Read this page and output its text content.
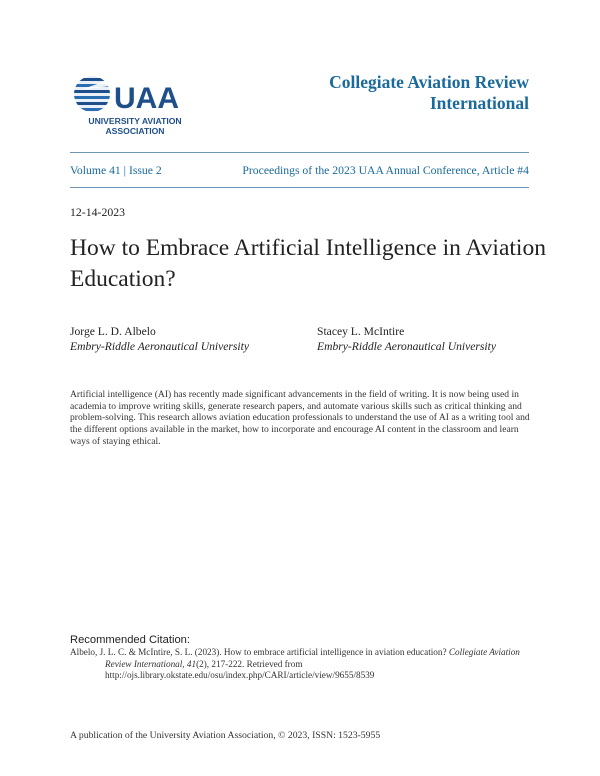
UAA
UNIVERSITY AVIATION
ASSOCIATION
Collegiate Aviation Review
International
Volume 41 | Issue 2	Proceedings of the 2023 UAA Annual Conference, Article #4
12-14-2023
How to Embrace Artificial Intelligence in Aviation Education?
Jorge L. D. Albelo
Embry-Riddle Aeronautical University
Stacey L. McIntire
Embry-Riddle Aeronautical University

Artificial intelligence (AI) has recently made significant advancements in the field of writing. It is now being used in academia to improve writing skills, generate research papers, and automate various skills such as critical thinking and problem-solving. This research allows aviation education professionals to understand the use of AI as a writing tool and the different options available in the market, how to incorporate and encourage AI content in the classroom and learn ways of staying ethical.

Recommended Citation:

Albelo, J. L. C. & McIntire, S. L. (2023). How to embrace artificial intelligence in aviation education? Collegiate Aviation Review International, 41(2), 217-222. Retrieved from http://ojs.library.okstate.edu/osu/index.php/CARI/article/view/9655/8539

A publication of the University Aviation Association, © 2023, ISSN: 1523-5955
